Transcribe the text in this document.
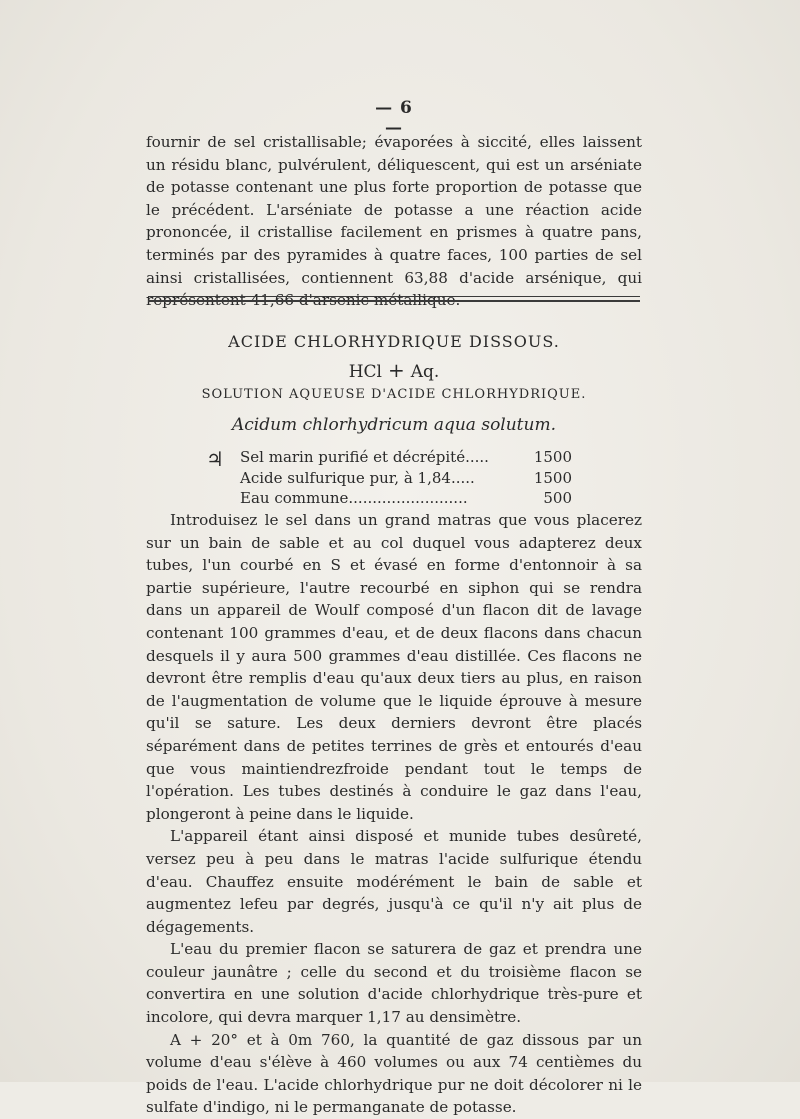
— 6 —

fournir de sel cristallisable; évaporées à siccité, elles laissent un résidu blanc, pulvérulent, déliquescent, qui est un arséniate de potasse contenant une plus forte proportion de potasse que le précédent. L'arséniate de potasse a une réaction acide prononcée, il cristallise facilement en prismes à quatre pans, terminés par des pyramides à quatre faces, 100 parties de sel ainsi cristallisées, contiennent 63,88 d'acide arsénique, qui représentent 41,66 d'arsenic métallique.

ACIDE CHLORHYDRIQUE DISSOUS.
HCl + Aq.
SOLUTION AQUEUSE D'ACIDE CHLORHYDRIQUE.
Acidum chlorhydricum aqua solutum.
♃ Sel marin purifié et décrépité.....	1500
Acide sulfurique pur, à 1,84.....	1500
Eau commune.........................	500

Introduisez le sel dans un grand matras que vous placerez sur un bain de sable et au col duquel vous adapterez deux tubes, l'un courbé en S et évasé en forme d'entonnoir à sa partie supérieure, l'autre recourbé en siphon qui se rendra dans un appareil de Woulf composé d'un flacon dit de lavage contenant 100 grammes d'eau, et de deux flacons dans chacun desquels il y aura 500 grammes d'eau distillée. Ces flacons ne devront être remplis d'eau qu'aux deux tiers au plus, en raison de l'augmentation de volume que le liquide éprouve à mesure qu'il se sature. Les deux derniers devront être placés séparément dans de petites terrines de grès et entourés d'eau que vous maintiendrezfroide pendant tout le temps de l'opération. Les tubes destinés à conduire le gaz dans l'eau, plongeront à peine dans le liquide.

L'appareil étant ainsi disposé et munide tubes desûreté, versez peu à peu dans le matras l'acide sulfurique étendu d'eau. Chauffez ensuite modérément le bain de sable et augmentez lefeu par degrés, jusqu'à ce qu'il n'y ait plus de dégagements.

L'eau du premier flacon se saturera de gaz et prendra une couleur jaunâtre ; celle du second et du troisième flacon se convertira en une solution d'acide chlorhydrique très-pure et incolore, qui devra marquer 1,17 au densimètre.

A + 20° et à 0m 760, la quantité de gaz dissous par un volume d'eau s'élève à 460 volumes ou aux 74 centièmes du poids de l'eau. L'acide chlorhydrique pur ne doit décolorer ni le sulfate d'indigo, ni le permanganate de potasse.
